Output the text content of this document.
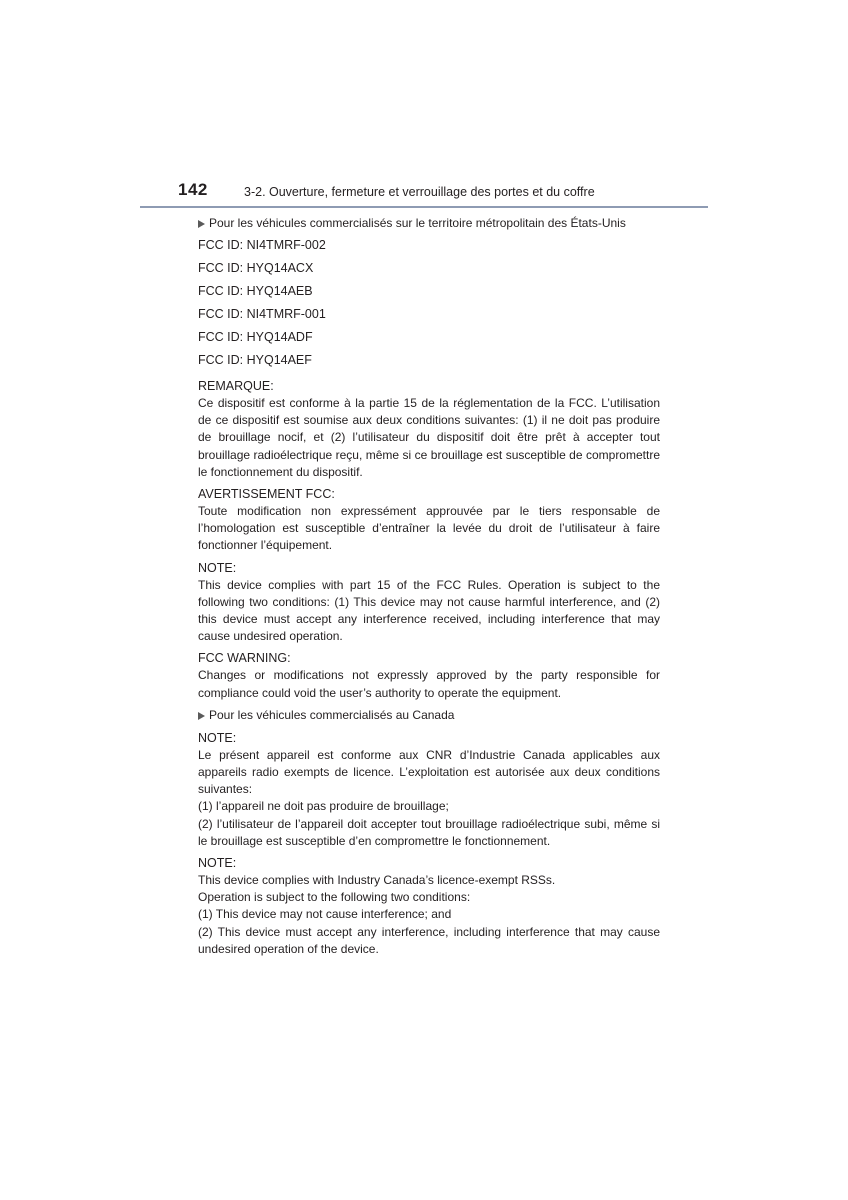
142	3-2. Ouverture, fermeture et verrouillage des portes et du coffre
Pour les véhicules commercialisés sur le territoire métropolitain des États-Unis
FCC ID: NI4TMRF-002
FCC ID: HYQ14ACX
FCC ID: HYQ14AEB
FCC ID: NI4TMRF-001
FCC ID: HYQ14ADF
FCC ID: HYQ14AEF
REMARQUE:
Ce dispositif est conforme à la partie 15 de la réglementation de la FCC. L’utilisation de ce dispositif est soumise aux deux conditions suivantes: (1) il ne doit pas produire de brouillage nocif, et (2) l’utilisateur du dispositif doit être prêt à accepter tout brouillage radioélectrique reçu, même si ce brouillage est susceptible de compromettre le fonctionnement du dispositif.
AVERTISSEMENT FCC:
Toute modification non expressément approuvée par le tiers responsable de l’homologation est susceptible d’entraîner la levée du droit de l’utilisateur à faire fonctionner l’équipement.
NOTE:
This device complies with part 15 of the FCC Rules. Operation is subject to the following two conditions: (1) This device may not cause harmful interference, and (2) this device must accept any interference received, including interference that may cause undesired operation.
FCC WARNING:
Changes or modifications not expressly approved by the party responsible for compliance could void the user’s authority to operate the equipment.
Pour les véhicules commercialisés au Canada
NOTE:
Le présent appareil est conforme aux CNR d’Industrie Canada applicables aux appareils radio exempts de licence. L’exploitation est autorisée aux deux conditions suivantes:
(1) l’appareil ne doit pas produire de brouillage;
(2) l’utilisateur de l’appareil doit accepter tout brouillage radioélectrique subi, même si le brouillage est susceptible d’en compromettre le fonctionnement.
NOTE:
This device complies with Industry Canada’s licence-exempt RSSs.
Operation is subject to the following two conditions:
(1) This device may not cause interference; and
(2) This device must accept any interference, including interference that may cause undesired operation of the device.
